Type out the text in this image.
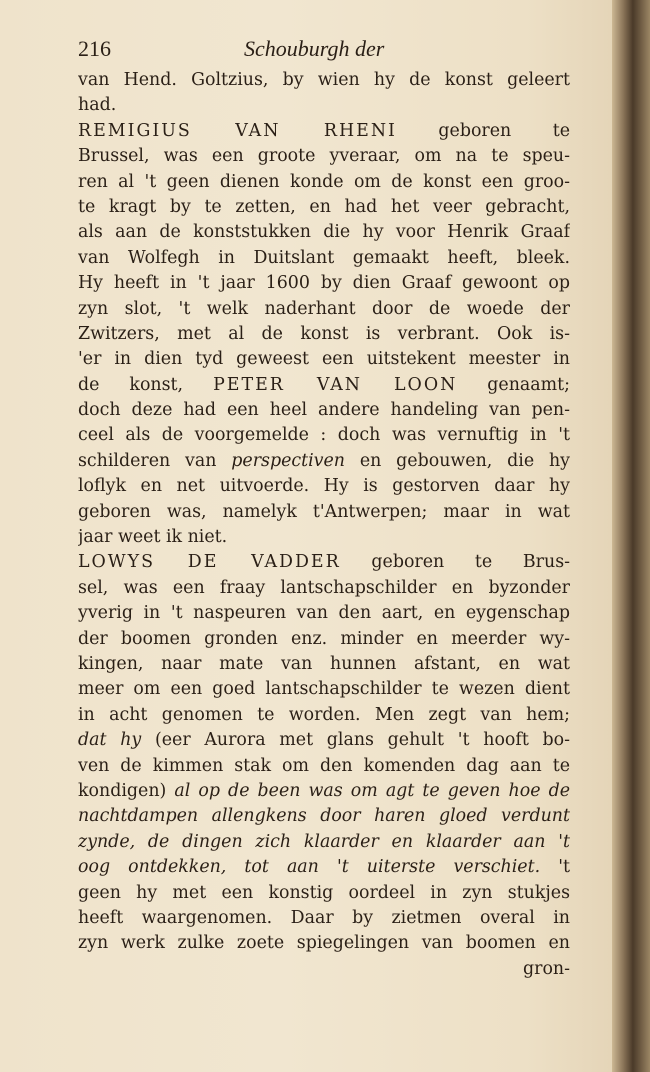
216	Schouburgh der
van Hend. Goltzius, by wien hy de konst geleert
had.
REMIGIUS VAN RHENI geboren te
Brussel, was een groote yveraar, om na te speu-
ren al 't geen dienen konde om de konst een groo-
te kragt by te zetten, en had het veer gebracht,
als aan de konststukken die hy voor Henrik Graaf
van Wolfegh in Duitslant gemaakt heeft, bleek.
Hy heeft in 't jaar 1600 by dien Graaf gewoont op
zyn slot, 't welk naderhant door de woede der
Zwitzers, met al de konst is verbrant. Ook is-
'er in dien tyd geweest een uitstekent meester in
de konst, PETER VAN LOON genaamt;
doch deze had een heel andere handeling van pen-
ceel als de voorgemelde : doch was vernuftig in 't
schilderen van perspectiven en gebouwen, die hy
loflyk en net uitvoerde. Hy is gestorven daar hy
geboren was, namelyk t'Antwerpen; maar in wat
jaar weet ik niet.
LOWYS DE VADDER geboren te Brus-
sel, was een fraay lantschapschilder en byzonder
yverig in 't naspeuren van den aart, en eygenschap
der boomen gronden enz. minder en meerder wy-
kingen, naar mate van hunnen afstant, en wat
meer om een goed lantschapschilder te wezen dient
in acht genomen te worden. Men zegt van hem;
dat hy (eer Aurora met glans gehult 't hooft bo-
ven de kimmen stak om den komenden dag aan te
kondigen) al op de been was om agt te geven hoe de
nachtdampen allengkens door haren gloed verdunt
zynde, de dingen zich klaarder en klaarder aan 't
oog ontdekken, tot aan 't uiterste verschiet. 't
geen hy met een konstig oordeel in zyn stukjes
heeft waargenomen. Daar by zietmen overal in
zyn werk zulke zoete spiegelingen van boomen en
gron-
